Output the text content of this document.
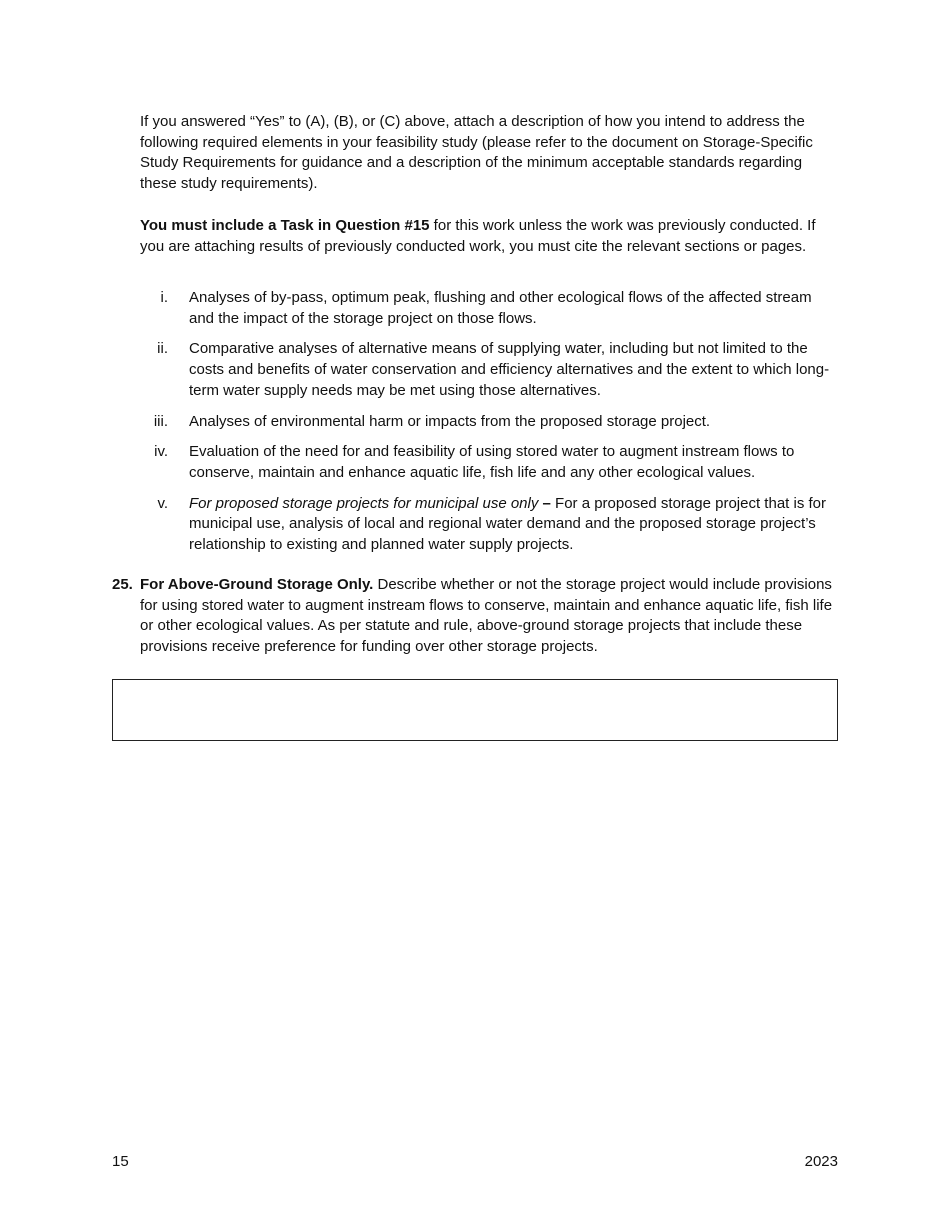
If you answered “Yes” to (A), (B), or (C) above, attach a description of how you intend to address the following required elements in your feasibility study (please refer to the document on Storage-Specific Study Requirements for guidance and a description of the minimum acceptable standards regarding these study requirements).

You must include a Task in Question #15 for this work unless the work was previously conducted. If you are attaching results of previously conducted work, you must cite the relevant sections or pages.

i. Analyses of by-pass, optimum peak, flushing and other ecological flows of the affected stream and the impact of the storage project on those flows.
ii. Comparative analyses of alternative means of supplying water, including but not limited to the costs and benefits of water conservation and efficiency alternatives and the extent to which long-term water supply needs may be met using those alternatives.
iii. Analyses of environmental harm or impacts from the proposed storage project.
iv. Evaluation of the need for and feasibility of using stored water to augment instream flows to conserve, maintain and enhance aquatic life, fish life and any other ecological values.
v. For proposed storage projects for municipal use only – For a proposed storage project that is for municipal use, analysis of local and regional water demand and the proposed storage project’s relationship to existing and planned water supply projects.
25. For Above-Ground Storage Only. Describe whether or not the storage project would include provisions for using stored water to augment instream flows to conserve, maintain and enhance aquatic life, fish life or other ecological values. As per statute and rule, above-ground storage projects that include these provisions receive preference for funding over other storage projects.
15	2023
